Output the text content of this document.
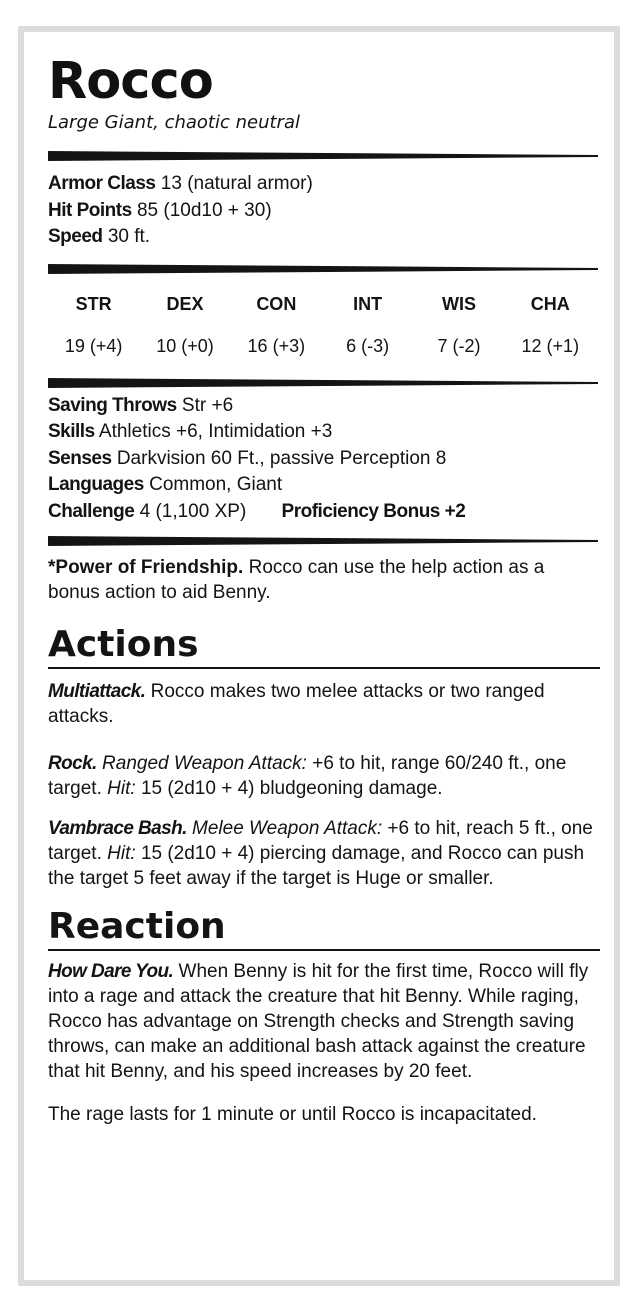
Rocco
Large Giant, chaotic neutral
Armor Class 13 (natural armor)
Hit Points 85 (10d10 + 30)
Speed 30 ft.
STR
19 (+4)
DEX
10 (+0)
CON
16 (+3)
INT
6 (-3)
WIS
7 (-2)
CHA
12 (+1)
Saving Throws Str +6
Skills Athletics +6, Intimidation +3
Senses Darkvision 60 Ft., passive Perception 8
Languages Common, Giant
Challenge 4 (1,100 XP) Proficiency Bonus +2
*Power of Friendship. Rocco can use the help action as a bonus action to aid Benny.
Actions
Multiattack. Rocco makes two melee attacks or two ranged attacks.
Rock. Ranged Weapon Attack: +6 to hit, range 60/240 ft., one target. Hit: 15 (2d10 + 4) bludgeoning damage.
Vambrace Bash. Melee Weapon Attack: +6 to hit, reach 5 ft., one target. Hit: 15 (2d10 + 4) piercing damage, and Rocco can push the target 5 feet away if the target is Huge or smaller.
Reaction
How Dare You. When Benny is hit for the first time, Rocco will fly into a rage and attack the creature that hit Benny. While raging, Rocco has advantage on Strength checks and Strength saving throws, can make an additional bash attack against the creature that hit Benny, and his speed increases by 20 feet.
The rage lasts for 1 minute or until Rocco is incapacitated.
